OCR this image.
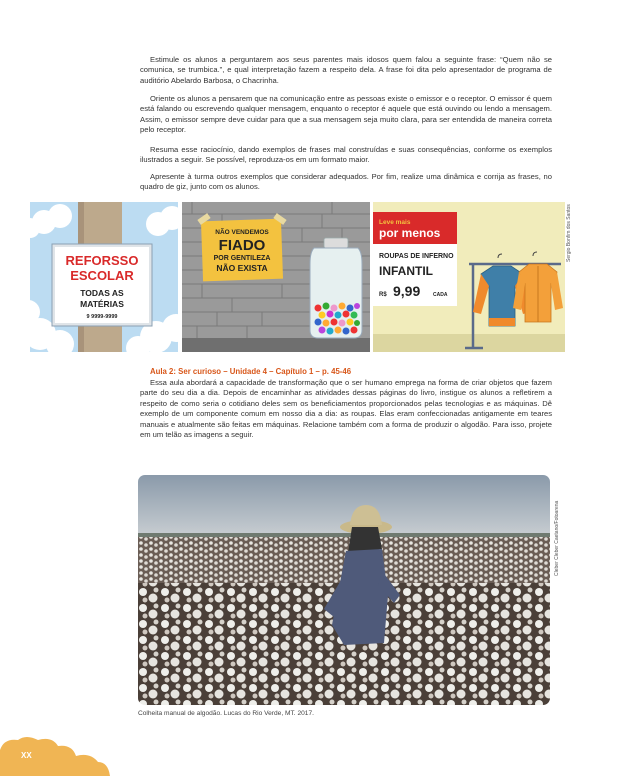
Estimule os alunos a perguntarem aos seus parentes mais idosos quem falou a seguinte frase: “Quem não se comunica, se trumbica.”, e qual interpretação fazem a respeito dela. A frase foi dita pelo apresentador de programa de auditório Abelardo Barbosa, o Chacrinha.

Oriente os alunos a pensarem que na comunicação entre as pessoas existe o emissor e o receptor. O emissor é quem está falando ou escrevendo qualquer mensagem, enquanto o receptor é aquele que está ouvindo ou lendo a mensagem. Assim, o emissor sempre deve cuidar para que a sua mensagem seja muito clara, para ser entendida de maneira correta pelo receptor.

Resuma esse raciocínio, dando exemplos de frases mal construídas e suas consequências, conforme os exemplos ilustrados a seguir. Se possível, reproduza-os em um formato maior.

Apresente à turma outros exemplos que considerar adequados. Por fim, realize uma dinâmica e corrija as frases, no quadro de giz, junto com os alunos.

REFORSSO
ESCOLAR
TODAS AS
MATÉRIAS
9 9999-9999
NÃO VENDEMOS
FIADO
POR GENTILEZA
NÃO EXISTA
Leve mais
por menos
ROUPAS DE INFERNO
INFANTIL
R$ 9,99	CADA
Sergio Bonfim dos Santos
Aula 2: Ser curioso – Unidade 4 – Capítulo 1 – p. 45-46

Essa aula abordará a capacidade de transformação que o ser humano emprega na forma de criar objetos que fazem parte do seu dia a dia. Depois de encaminhar as atividades dessas páginas do livro, instigue os alunos a refletirem a respeito de como seria o cotidiano deles sem os beneficiamentos proporcionados pelas tecnologias e as máquinas. Dê exemplo de um componente comum em nosso dia a dia: as roupas. Elas eram confeccionadas antigamente em teares manuais e atualmente são feitas em máquinas. Relacione também com a forma de produzir o algodão. Para isso, projete em um telão as imagens a seguir.

Cleber Cleber Caetano/Fotoarena

Colheita manual de algodão. Lucas do Rio Verde, MT. 2017.

XX
